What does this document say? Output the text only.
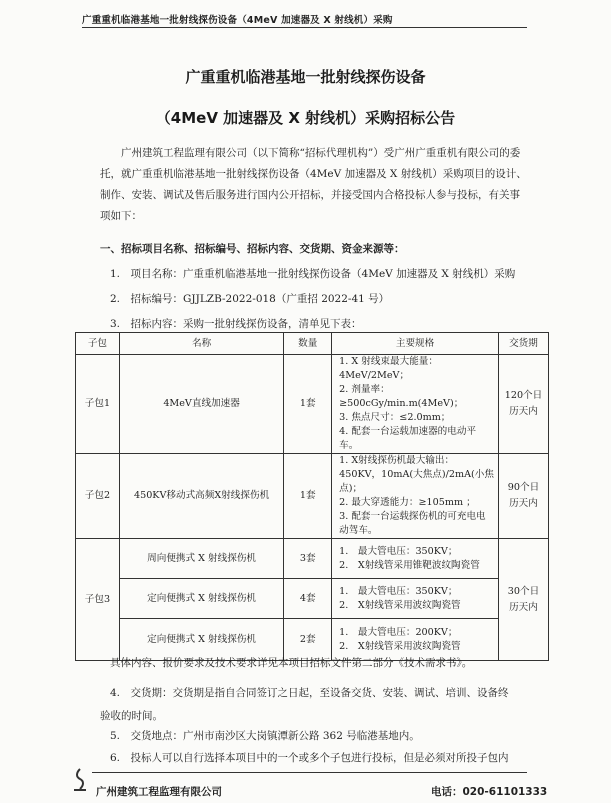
广重重机临港基地一批射线探伤设备（4MeV 加速器及 X 射线机）采购
广重重机临港基地一批射线探伤设备
（4MeV 加速器及 X 射线机）采购招标公告
广州建筑工程监理有限公司（以下简称“招标代理机构”）受广州广重重机有限公司的委托，就广重重机临港基地一批射线探伤设备（4MeV 加速器及 X 射线机）采购项目的设计、制作、安装、调试及售后服务进行国内公开招标，并接受国内合格投标人参与投标，有关事项如下：
一、招标项目名称、招标编号、招标内容、交货期、资金来源等：
1.　项目名称：广重重机临港基地一批射线探伤设备（4MeV 加速器及 X 射线机）采购
2.　招标编号：GJJLZB-2022-018（广重招 2022-41 号）
3.　招标内容：采购一批射线探伤设备，清单见下表：
子包	名称	数量	主要规格	交货期
子包1	4MeV直线加速器	1套	1. X 射线束最大能量：4MeV/2MeV；
2. 剂量率：≥500cGy/min.m(4MeV)；
3. 焦点尺寸：≤2.0mm；
4. 配套一台运载加速器的电动平车。	120个日历天内
子包2	450KV移动式高频X射线探伤机	1套	1. X射线探伤机最大输出：450KV，10mA(大焦点)/2mA(小焦点)；
2. 最大穿透能力：≥105mm ；
3. 配套一台运载探伤机的可充电电动驾车。	90个日历天内
子包3	周向便携式 X 射线探伤机	3套	1.　最大管电压：350KV；
2.　X射线管采用锥靶波纹陶瓷管	30个日历天内
	定向便携式 X 射线探伤机	4套	1.　最大管电压：350KV；
2.　X射线管采用波纹陶瓷管	

	定向便携式 X 射线探伤机	2套	1.　最大管电压：200KV；
2.　X射线管采用波纹陶瓷管	
具体内容、报价要求及技术要求详见本项目招标文件第二部分《技术需求书》。
4.　交货期：交货期是指自合同签订之日起，至设备交货、安装、调试、培训、设备终
验收的时间。
5.　交货地点：广州市南沙区大岗镇潭新公路 362 号临港基地内。
6.　投标人可以自行选择本项目中的一个或多个子包进行投标，但是必须对所投子包内
广州建筑工程监理有限公司	电话：020-61101333
